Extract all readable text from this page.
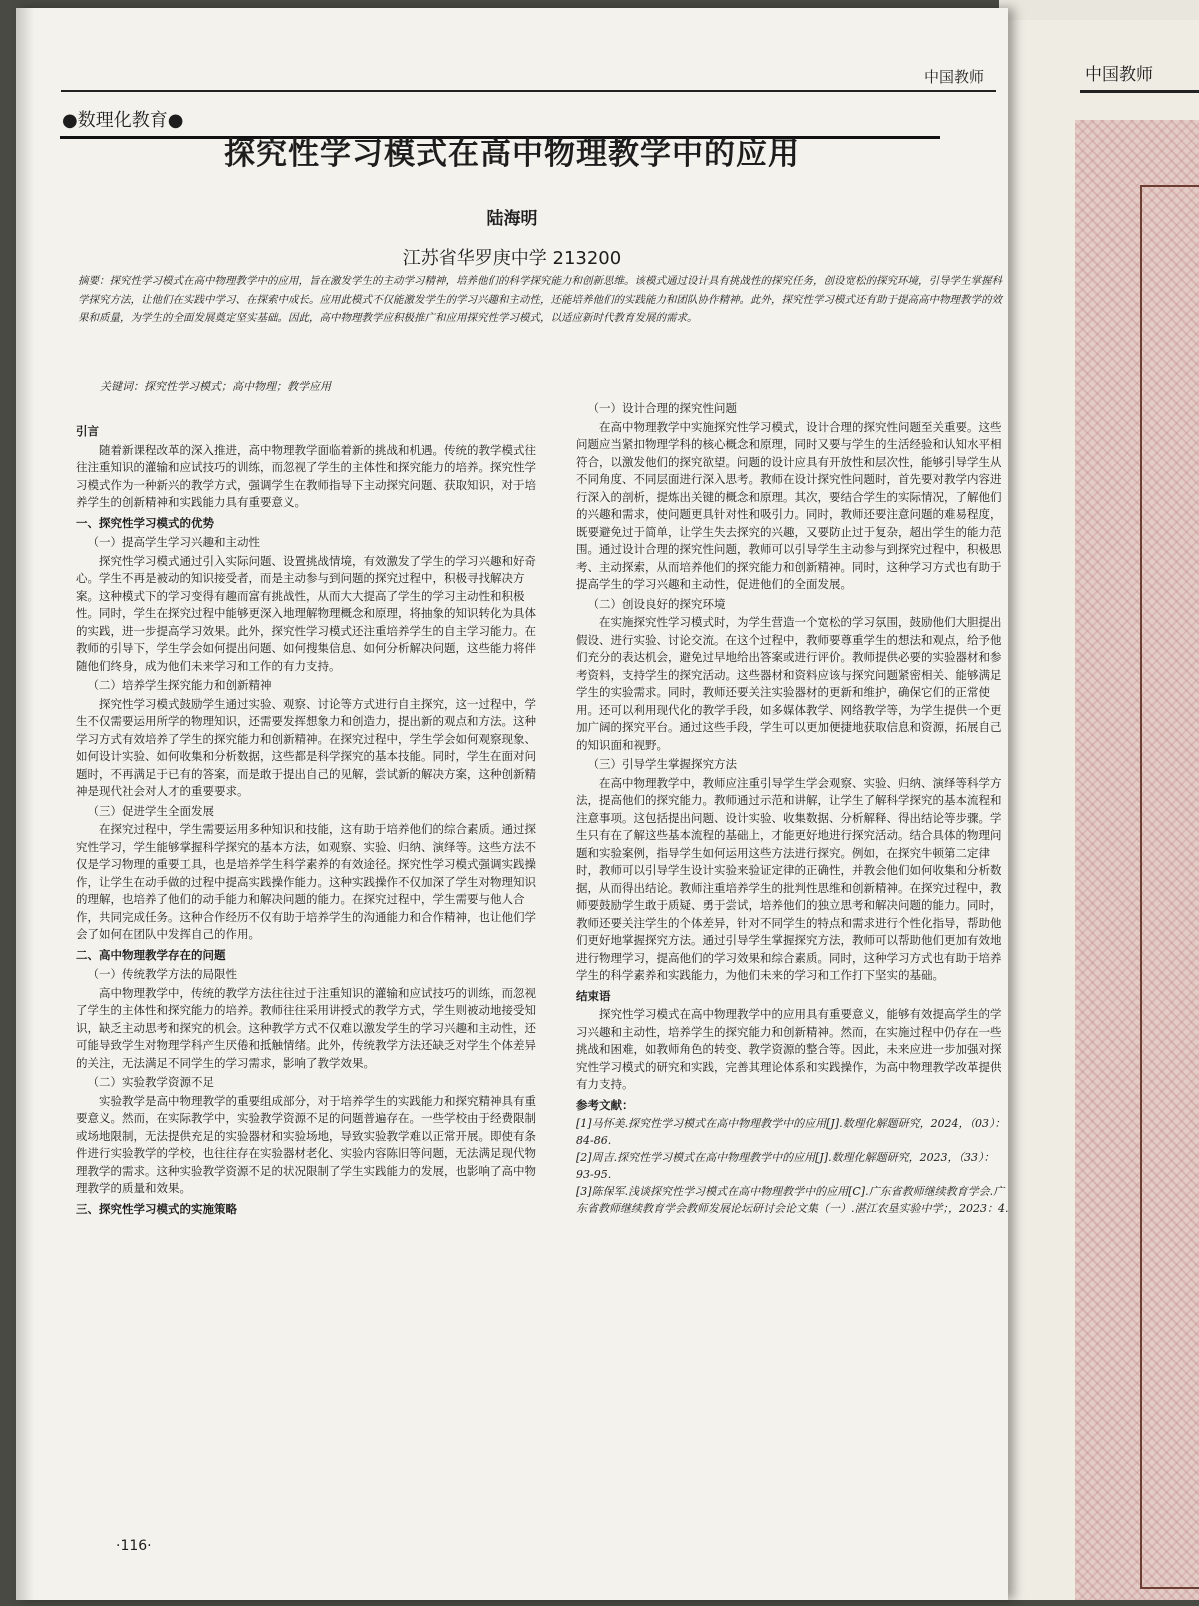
中国教师
中国教师
●数理化教育●
探究性学习模式在高中物理教学中的应用
陆海明
江苏省华罗庚中学 213200
摘要：探究性学习模式在高中物理教学中的应用，旨在激发学生的主动学习精神，培养他们的科学探究能力和创新思维。该模式通过设计具有挑战性的探究任务，创设宽松的探究环境，引导学生掌握科学探究方法，让他们在实践中学习、在探索中成长。应用此模式不仅能激发学生的学习兴趣和主动性，还能培养他们的实践能力和团队协作精神。此外，探究性学习模式还有助于提高高中物理教学的效果和质量，为学生的全面发展奠定坚实基础。因此，高中物理教学应积极推广和应用探究性学习模式，以适应新时代教育发展的需求。
关键词：探究性学习模式；高中物理；教学应用
引言

随着新课程改革的深入推进，高中物理教学面临着新的挑战和机遇。传统的教学模式往往注重知识的灌输和应试技巧的训练，而忽视了学生的主体性和探究能力的培养。探究性学习模式作为一种新兴的教学方式，强调学生在教师指导下主动探究问题、获取知识，对于培养学生的创新精神和实践能力具有重要意义。

一、探究性学习模式的优势
（一）提高学生学习兴趣和主动性

探究性学习模式通过引入实际问题、设置挑战情境，有效激发了学生的学习兴趣和好奇心。学生不再是被动的知识接受者，而是主动参与到问题的探究过程中，积极寻找解决方案。这种模式下的学习变得有趣而富有挑战性，从而大大提高了学生的学习主动性和积极性。同时，学生在探究过程中能够更深入地理解物理概念和原理，将抽象的知识转化为具体的实践，进一步提高学习效果。此外，探究性学习模式还注重培养学生的自主学习能力。在教师的引导下，学生学会如何提出问题、如何搜集信息、如何分析解决问题，这些能力将伴随他们终身，成为他们未来学习和工作的有力支持。

（二）培养学生探究能力和创新精神

探究性学习模式鼓励学生通过实验、观察、讨论等方式进行自主探究，这一过程中，学生不仅需要运用所学的物理知识，还需要发挥想象力和创造力，提出新的观点和方法。这种学习方式有效培养了学生的探究能力和创新精神。在探究过程中，学生学会如何观察现象、如何设计实验、如何收集和分析数据，这些都是科学探究的基本技能。同时，学生在面对问题时，不再满足于已有的答案，而是敢于提出自己的见解，尝试新的解决方案，这种创新精神是现代社会对人才的重要要求。

（三）促进学生全面发展

在探究过程中，学生需要运用多种知识和技能，这有助于培养他们的综合素质。通过探究性学习，学生能够掌握科学探究的基本方法，如观察、实验、归纳、演绎等。这些方法不仅是学习物理的重要工具，也是培养学生科学素养的有效途径。探究性学习模式强调实践操作，让学生在动手做的过程中提高实践操作能力。这种实践操作不仅加深了学生对物理知识的理解，也培养了他们的动手能力和解决问题的能力。在探究过程中，学生需要与他人合作，共同完成任务。这种合作经历不仅有助于培养学生的沟通能力和合作精神，也让他们学会了如何在团队中发挥自己的作用。

二、高中物理教学存在的问题
（一）传统教学方法的局限性

高中物理教学中，传统的教学方法往往过于注重知识的灌输和应试技巧的训练，而忽视了学生的主体性和探究能力的培养。教师往往采用讲授式的教学方式，学生则被动地接受知识，缺乏主动思考和探究的机会。这种教学方式不仅难以激发学生的学习兴趣和主动性，还可能导致学生对物理学科产生厌倦和抵触情绪。此外，传统教学方法还缺乏对学生个体差异的关注，无法满足不同学生的学习需求，影响了教学效果。

（二）实验教学资源不足

实验教学是高中物理教学的重要组成部分，对于培养学生的实践能力和探究精神具有重要意义。然而，在实际教学中，实验教学资源不足的问题普遍存在。一些学校由于经费限制或场地限制，无法提供充足的实验器材和实验场地，导致实验教学难以正常开展。即使有条件进行实验教学的学校，也往往存在实验器材老化、实验内容陈旧等问题，无法满足现代物理教学的需求。这种实验教学资源不足的状况限制了学生实践能力的发展，也影响了高中物理教学的质量和效果。

三、探究性学习模式的实施策略
（一）设计合理的探究性问题

在高中物理教学中实施探究性学习模式，设计合理的探究性问题至关重要。这些问题应当紧扣物理学科的核心概念和原理，同时又要与学生的生活经验和认知水平相符合，以激发他们的探究欲望。问题的设计应具有开放性和层次性，能够引导学生从不同角度、不同层面进行深入思考。教师在设计探究性问题时，首先要对教学内容进行深入的剖析，提炼出关键的概念和原理。其次，要结合学生的实际情况，了解他们的兴趣和需求，使问题更具针对性和吸引力。同时，教师还要注意问题的难易程度，既要避免过于简单，让学生失去探究的兴趣，又要防止过于复杂，超出学生的能力范围。通过设计合理的探究性问题，教师可以引导学生主动参与到探究过程中，积极思考、主动探索，从而培养他们的探究能力和创新精神。同时，这种学习方式也有助于提高学生的学习兴趣和主动性，促进他们的全面发展。

（二）创设良好的探究环境

在实施探究性学习模式时，为学生营造一个宽松的学习氛围，鼓励他们大胆提出假设、进行实验、讨论交流。在这个过程中，教师要尊重学生的想法和观点，给予他们充分的表达机会，避免过早地给出答案或进行评价。教师提供必要的实验器材和参考资料，支持学生的探究活动。这些器材和资料应该与探究问题紧密相关、能够满足学生的实验需求。同时，教师还要关注实验器材的更新和维护，确保它们的正常使用。还可以利用现代化的教学手段，如多媒体教学、网络教学等，为学生提供一个更加广阔的探究平台。通过这些手段，学生可以更加便捷地获取信息和资源，拓展自己的知识面和视野。

（三）引导学生掌握探究方法

在高中物理教学中，教师应注重引导学生学会观察、实验、归纳、演绎等科学方法，提高他们的探究能力。教师通过示范和讲解，让学生了解科学探究的基本流程和注意事项。这包括提出问题、设计实验、收集数据、分析解释、得出结论等步骤。学生只有在了解这些基本流程的基础上，才能更好地进行探究活动。结合具体的物理问题和实验案例，指导学生如何运用这些方法进行探究。例如，在探究牛顿第二定律时，教师可以引导学生设计实验来验证定律的正确性，并教会他们如何收集和分析数据，从而得出结论。教师注重培养学生的批判性思维和创新精神。在探究过程中，教师要鼓励学生敢于质疑、勇于尝试，培养他们的独立思考和解决问题的能力。同时，教师还要关注学生的个体差异，针对不同学生的特点和需求进行个性化指导，帮助他们更好地掌握探究方法。通过引导学生掌握探究方法，教师可以帮助他们更加有效地进行物理学习，提高他们的学习效果和综合素质。同时，这种学习方式也有助于培养学生的科学素养和实践能力，为他们未来的学习和工作打下坚实的基础。

结束语

探究性学习模式在高中物理教学中的应用具有重要意义，能够有效提高学生的学习兴趣和主动性，培养学生的探究能力和创新精神。然而，在实施过程中仍存在一些挑战和困难，如教师角色的转变、教学资源的整合等。因此，未来应进一步加强对探究性学习模式的研究和实践，完善其理论体系和实践操作，为高中物理教学改革提供有力支持。

参考文献：

[1]马怀美.探究性学习模式在高中物理教学中的应用[J].数理化解题研究，2024，（03）：84-86.

[2]周吉.探究性学习模式在高中物理教学中的应用[J].数理化解题研究，2023，（33）：93-95.

[3]陈保军.浅谈探究性学习模式在高中物理教学中的应用[C].广东省教师继续教育学会.广东省教师继续教育学会教师发展论坛研讨会论文集（一）.湛江农垦实验中学；，2023：4.

·116·
